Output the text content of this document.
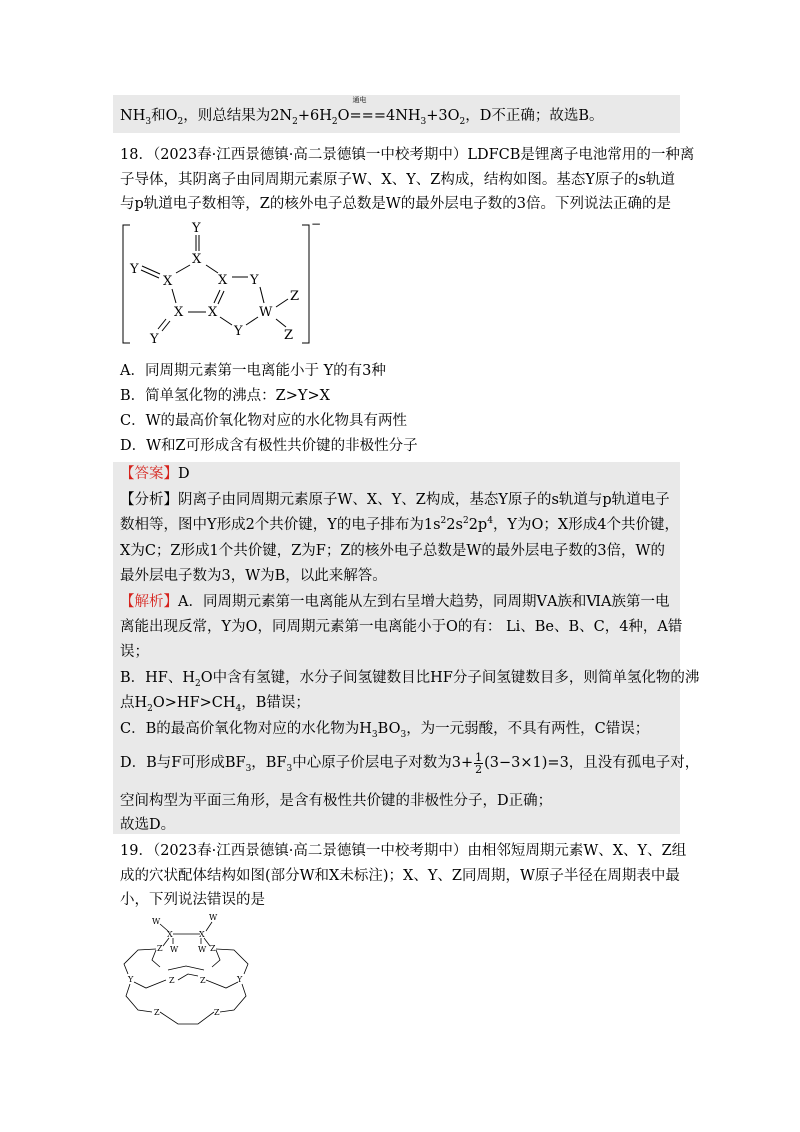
$NH_3$和$O_2$，则总结果为$2N_2+6H_2O$
通电
$===4NH_3+3O_2$，D不正确；故选B。
18．（2023春·江西景德镇·高二景德镇一中校考期中）LDFCB是锂离子电池常用的一种离
子导体，其阴离子由同周期元素原子W、X、Y、Z构成，结构如图。基态Y原子的s轨道
与p轨道电子数相等，Z的核外电子总数是W的最外层电子数的3倍。下列说法正确的是
−
Y
X
Y
X	X Y
X X	W
Z
Z
Y
Y
A．同周期元素第一电离能小于 Y的有3种
B．简单氢化物的沸点：Z>Y>X
C．W的最高价氧化物对应的水化物具有两性
D．W和Z可形成含有极性共价键的非极性分子
【答案】D
【分析】阴离子由同周期元素原子W、X、Y、Z构成，基态Y原子的s轨道与p轨道电子
数相等，图中Y形成2个共价键，Y的电子排布为$1s^22s^22p^4$，Y为O；X形成4个共价键，
X为C；Z形成1个共价键，Z为F；Z的核外电子总数是W的最外层电子数的3倍，W的
最外层电子数为3，W为B，以此来解答。
【解析】A．同周期元素第一电离能从左到右呈增大趋势，同周期ⅤA族和ⅥA族第一电
离能出现反常，Y为O，同周期元素第一电离能小于O的有： Li、Be、B、C，4种，A错
误；
B．HF、$H_2O$中含有氢键，水分子间氢键数目比HF分子间氢键数目多，则简单氢化物的沸
点$H_2O>HF>CH_4$，B错误；
C．B的最高价氧化物对应的水化物为$H_3BO_3$，为一元弱酸，不具有两性，C错误；
D．B与F可形成$BF_3$，$BF_3$中心原子价层电子对数为$3+ \frac{1}{2} (3-3\times 1)=3$，且没有孤电子对，
空间构型为平面三角形，是含有极性共价键的非极性分子，D正确；
故选D。
19．（2023春·江西景德镇·高二景德镇一中校考期中）由相邻短周期元素W、X、Y、Z组
成的穴状配体结构如图(部分W和X未标注)；X、Y、Z同周期，W原子半径在周期表中最
小，下列说法错误的是
W	W
X	X
W W
Z	Z
Y	Z	Y
Z
Z	Z
